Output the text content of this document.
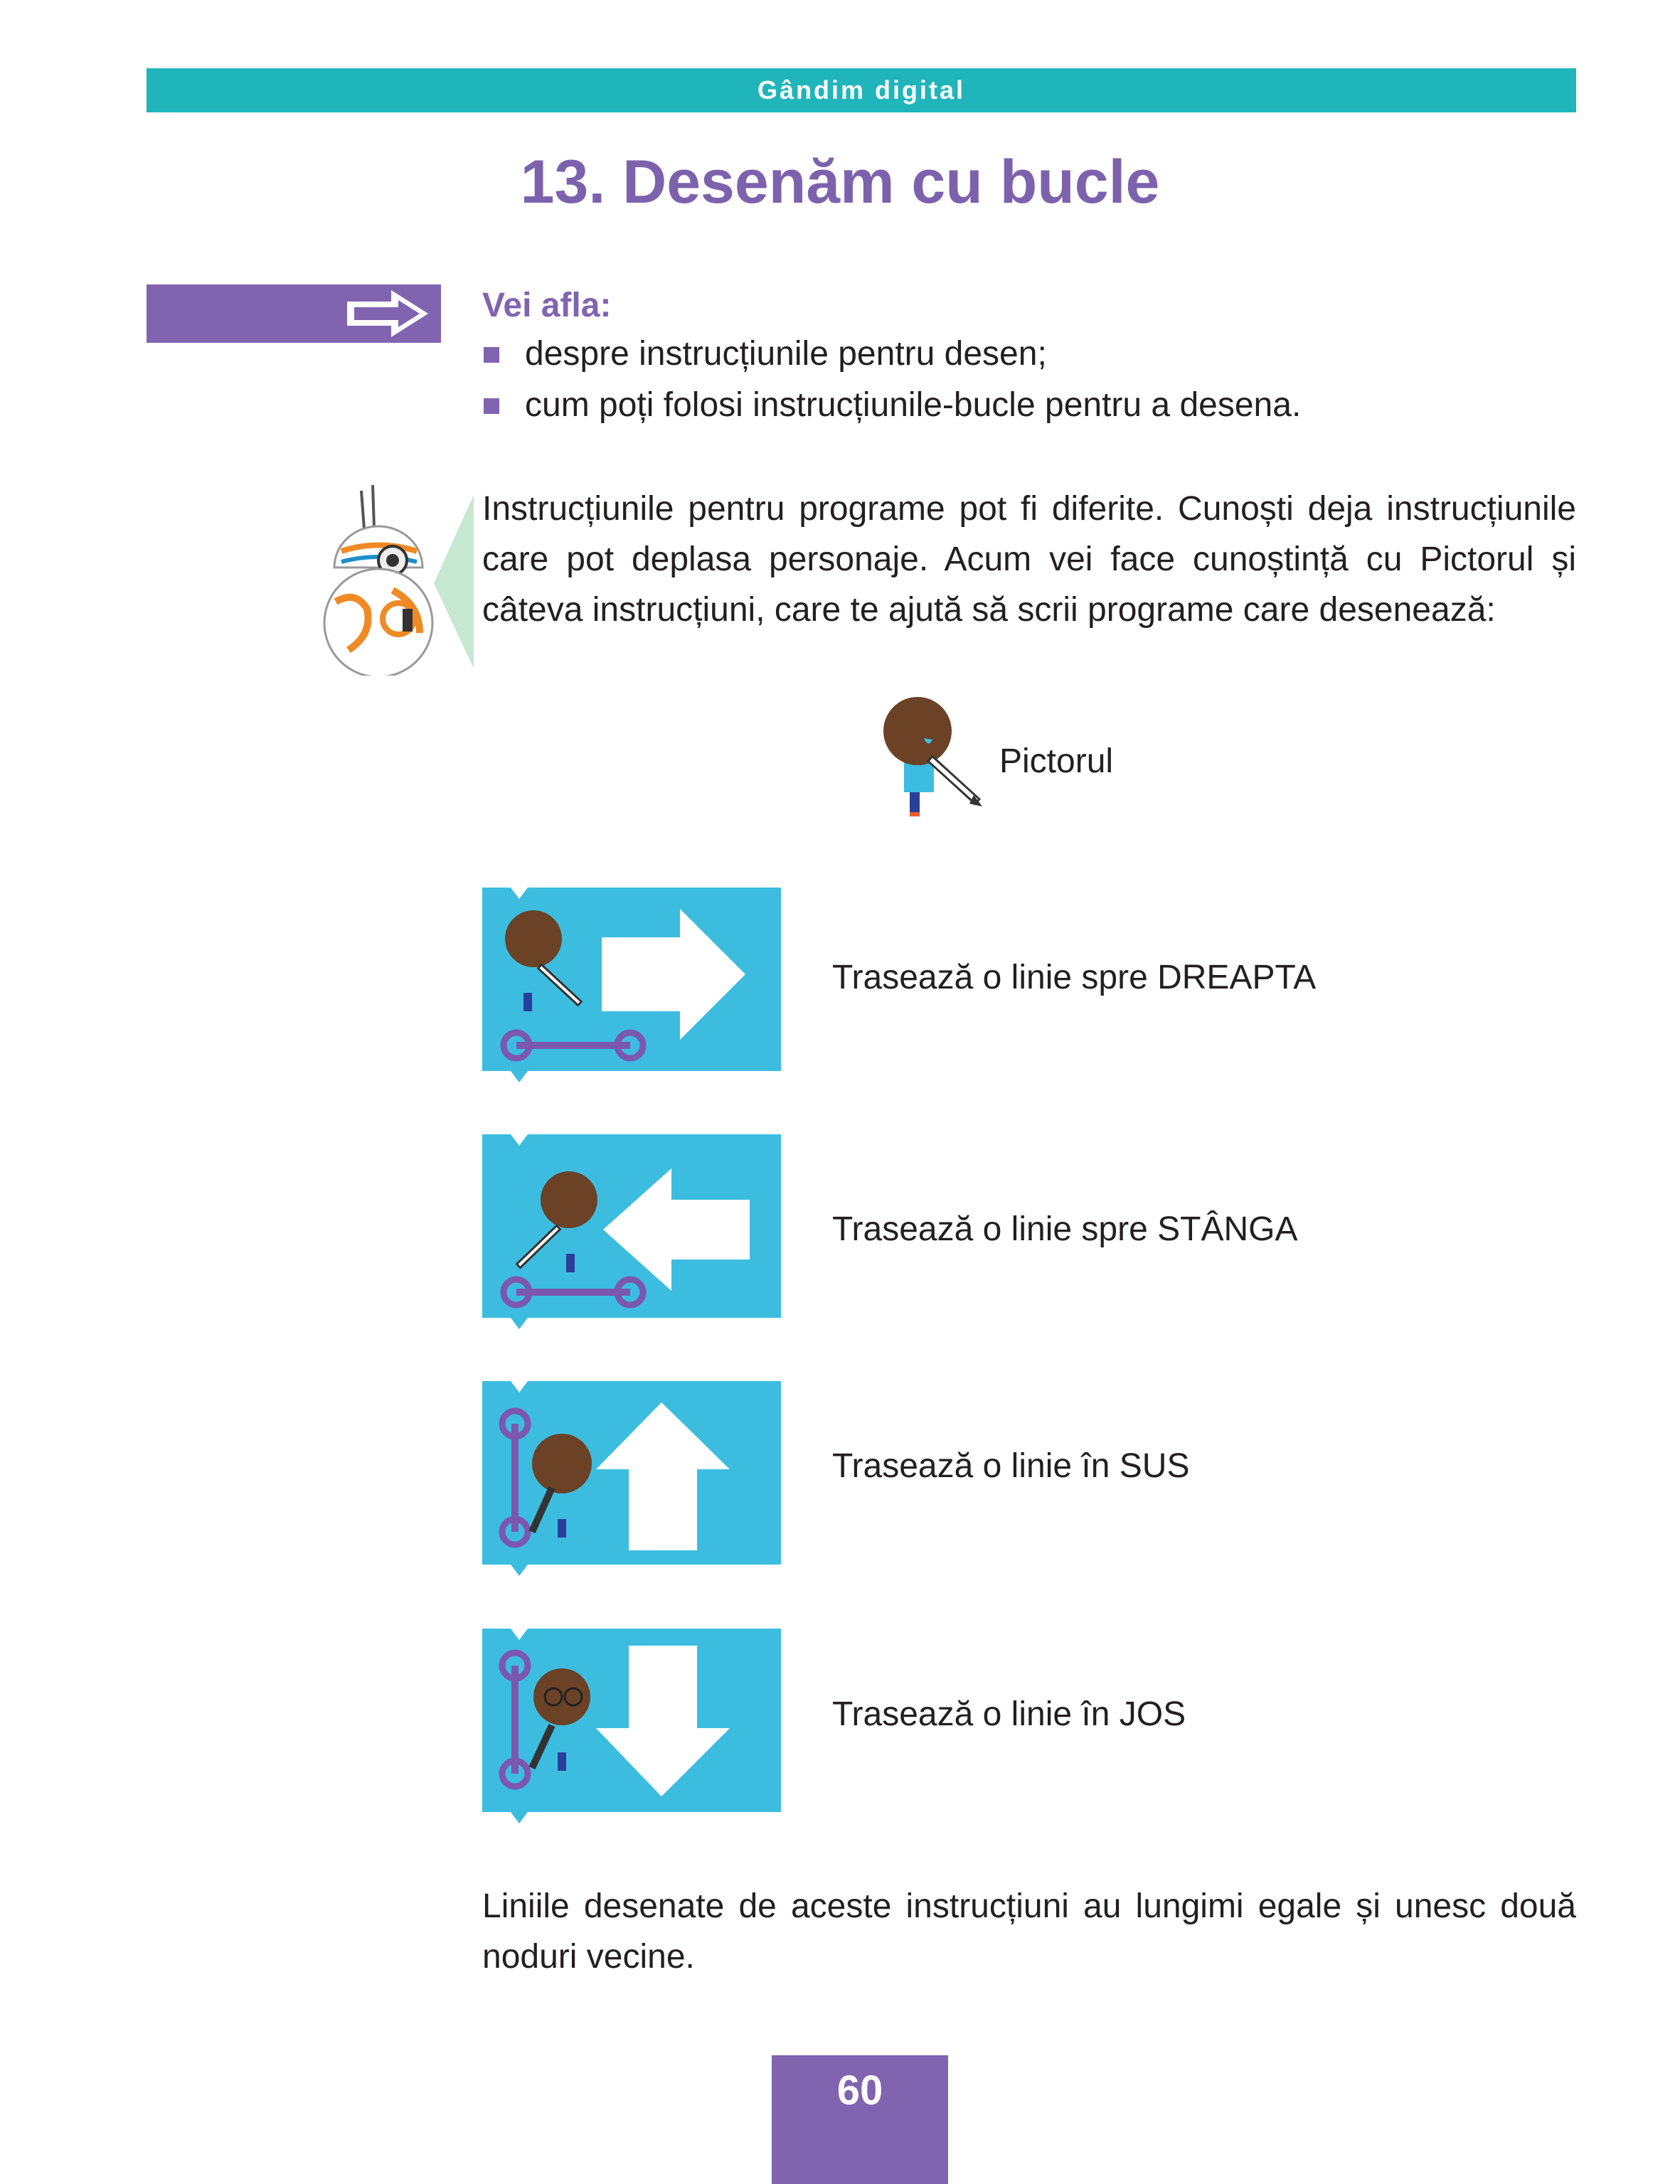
Gândim digital
13. Desenăm cu bucle
Vei afla:
despre instrucțiunile pentru desen;
cum poți folosi instrucțiunile-bucle pentru a desena.
Instrucțiunile pentru programe pot fi diferite. Cunoști deja instrucțiunile care pot deplasa personaje. Acum vei face cunoștință cu Pictorul și câteva instrucțiuni, care te ajută să scrii programe care desenează:
Pictorul
Trasează o linie spre DREAPTA
Trasează o linie spre STÂNGA
Trasează o linie în SUS
Trasează o linie în JOS
Liniile desenate de aceste instrucțiuni au lungimi egale și unesc două noduri vecine.
60
